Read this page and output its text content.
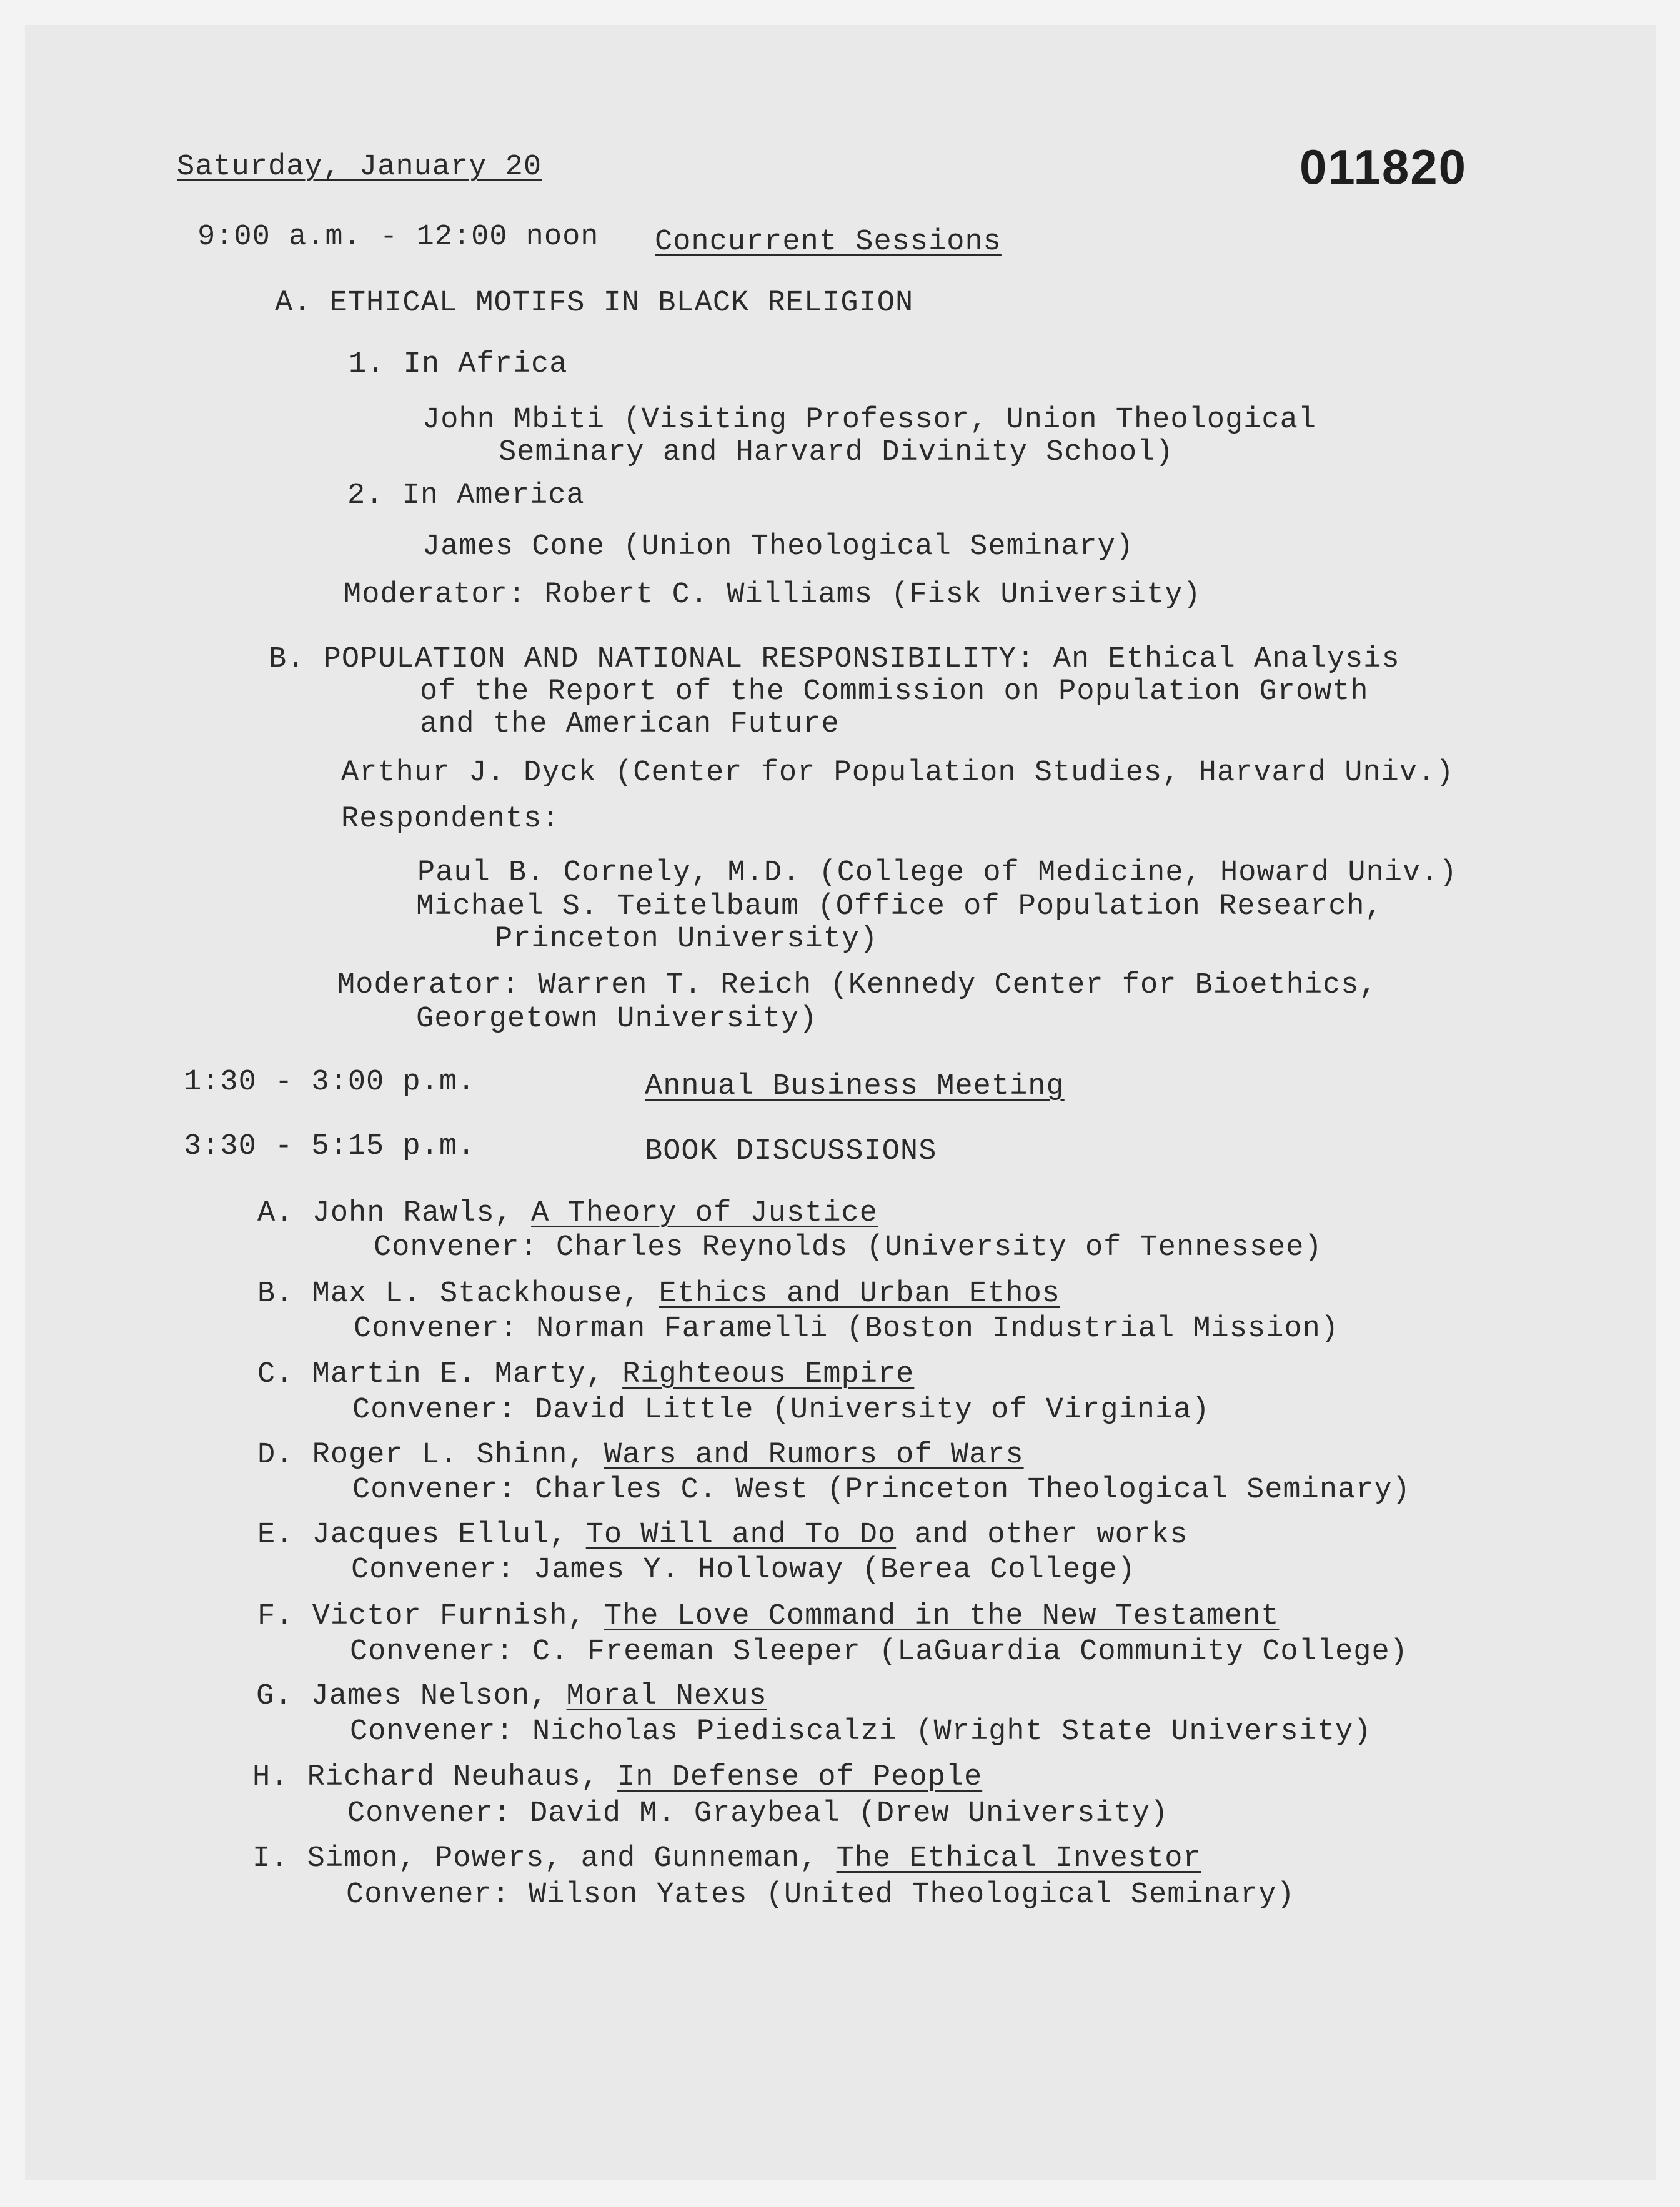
Saturday, January 20	011820
9:00 a.m. - 12:00 noon Concurrent Sessions
A. ETHICAL MOTIFS IN BLACK RELIGION
1. In Africa
John Mbiti (Visiting Professor, Union Theological
Seminary and Harvard Divinity School)
2. In America
James Cone (Union Theological Seminary)
Moderator: Robert C. Williams (Fisk University)
B. POPULATION AND NATIONAL RESPONSIBILITY: An Ethical Analysis
of the Report of the Commission on Population Growth
and the American Future
Arthur J. Dyck (Center for Population Studies, Harvard Univ.)
Respondents:
Paul B. Cornely, M.D. (College of Medicine, Howard Univ.)
Michael S. Teitelbaum (Office of Population Research,
Princeton University)
Moderator: Warren T. Reich (Kennedy Center for Bioethics,
Georgetown University)
1:30 - 3:00 p.m.	Annual Business Meeting
3:30 - 5:15 p.m.	BOOK DISCUSSIONS
A. John Rawls, A Theory of Justice
Convener: Charles Reynolds (University of Tennessee)
B. Max L. Stackhouse, Ethics and Urban Ethos
Convener: Norman Faramelli (Boston Industrial Mission)
C. Martin E. Marty, Righteous Empire
Convener: David Little (University of Virginia)
D. Roger L. Shinn, Wars and Rumors of Wars
Convener: Charles C. West (Princeton Theological Seminary)
E. Jacques Ellul, To Will and To Do and other works
Convener: James Y. Holloway (Berea College)
F. Victor Furnish, The Love Command in the New Testament
Convener: C. Freeman Sleeper (LaGuardia Community College)
G. James Nelson, Moral Nexus
Convener: Nicholas Piediscalzi (Wright State University)
H. Richard Neuhaus, In Defense of People
Convener: David M. Graybeal (Drew University)
I. Simon, Powers, and Gunneman, The Ethical Investor
Convener: Wilson Yates (United Theological Seminary)
